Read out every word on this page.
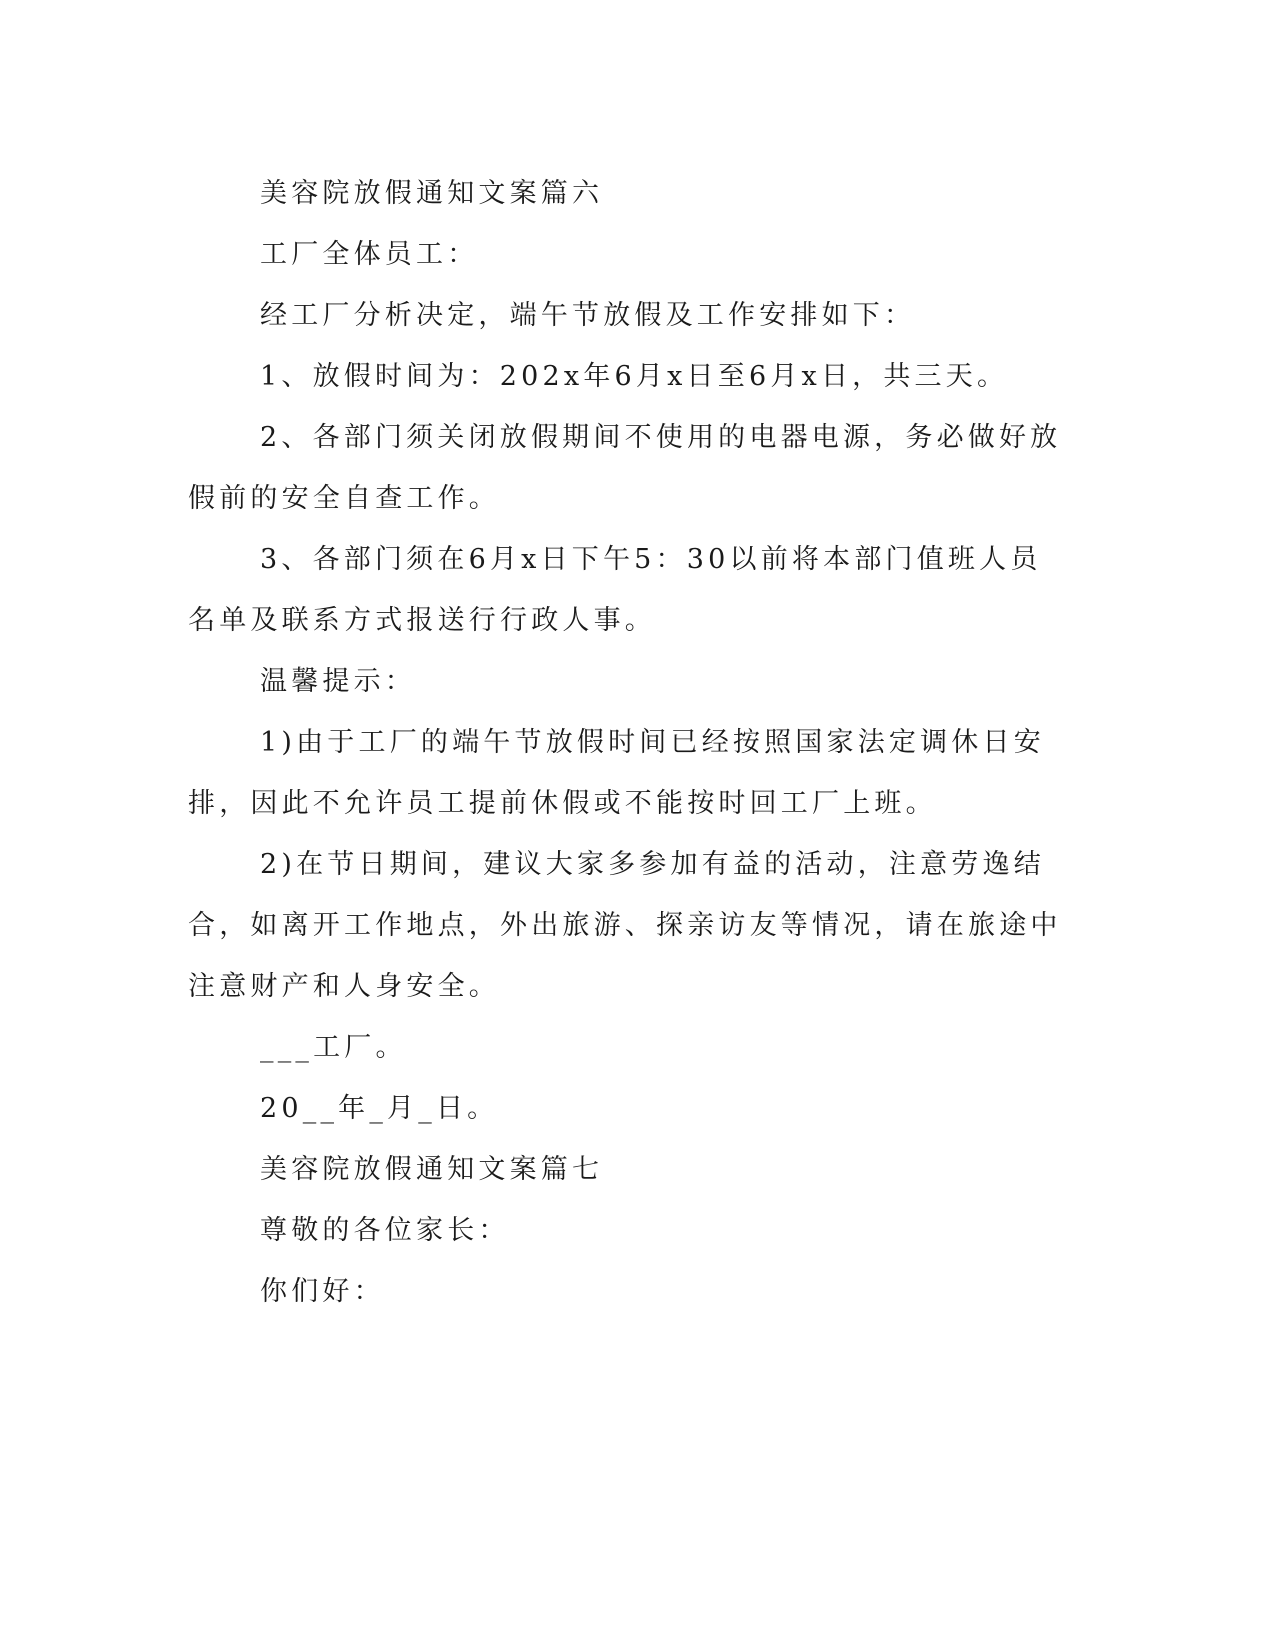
美容院放假通知文案篇六

工厂全体员工：

经工厂分析决定，端午节放假及工作安排如下：

1、放假时间为：202x年6月x日至6月x日，共三天。

2、各部门须关闭放假期间不使用的电器电源，务必做好放假前的安全自查工作。

3、各部门须在6月x日下午5：30以前将本部门值班人员名单及联系方式报送行行政人事。

温馨提示：

1)由于工厂的端午节放假时间已经按照国家法定调休日安排，因此不允许员工提前休假或不能按时回工厂上班。

2)在节日期间，建议大家多参加有益的活动，注意劳逸结合，如离开工作地点，外出旅游、探亲访友等情况，请在旅途中注意财产和人身安全。

___工厂。

20__年_月_日。

美容院放假通知文案篇七

尊敬的各位家长：

你们好：
